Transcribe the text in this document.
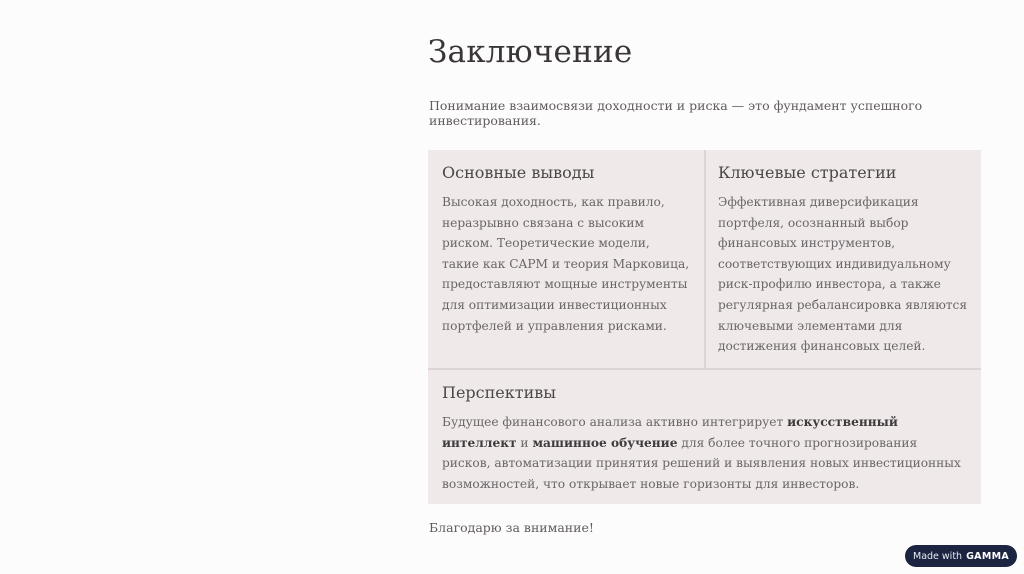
Заключение

Понимание взаимосвязи доходности и риска — это фундамент успешного инвестирования.

Основные выводы

Высокая доходность, как правило, неразрывно связана с высоким риском. Теоретические модели, такие как CAPM и теория Марковица, предоставляют мощные инструменты для оптимизации инвестиционных портфелей и управления рисками.

Ключевые стратегии

Эффективная диверсификация портфеля, осознанный выбор финансовых инструментов, соответствующих индивидуальному риск-профилю инвестора, а также регулярная ребалансировка являются ключевыми элементами для достижения финансовых целей.

Перспективы

Будущее финансового анализа активно интегрирует искусственный интеллект и машинное обучение для более точного прогнозирования рисков, автоматизации принятия решений и выявления новых инвестиционных возможностей, что открывает новые горизонты для инвесторов.

Благодарю за внимание!

Made with GAMMA
